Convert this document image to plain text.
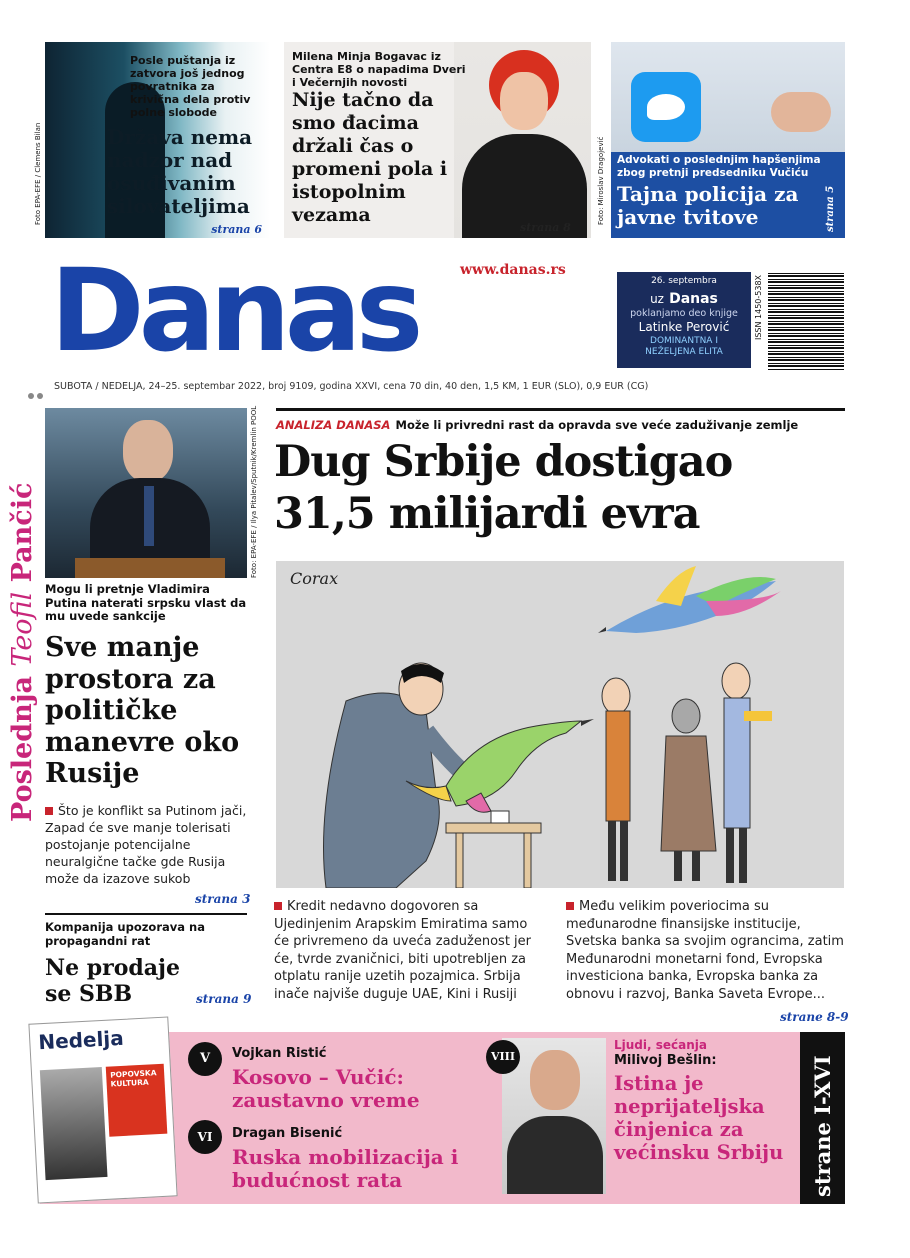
Posle puštanja iz zatvora još jednog povratnika za krivična dela protiv polne slobode
Država nema nadzor nad osuđivanim silovateljima
strana 6
Foto EPA-EFE / Clemens Bilan
Milena Minja Bogavac iz Centra E8 o napadima Dveri i Večernjih novosti
Nije tačno da smo đacima držali čas o promeni pola i istopolnim vezama
strana 8
Foto: Miroslav Dragojević Advokati o poslednjim hapšenjima zbog pretnji predsedniku Vučiću
Tajna policija za javne tvitove	strana 5
Danas	www.danas.rs
26. septembra
uz Danas
poklanjamo deo knjige
Latinke Perović
DOMINANTNA I NEŽELJENA ELITA
ISSN 1450-538X
SUBOTA / NEDELJA, 24–25. septembar 2022, broj 9109, godina XXVI, cena 70 din, 40 den, 1,5 KM, 1 EUR (SLO), 0,9 EUR (CG)
Poslednja Teofil Pančić	Foto: EPA-EFE / Ilya Pitalev/Sputnik/Kremlin POOL
Mogu li pretnje Vladimira Putina naterati srpsku vlast da mu uvede sankcije
Sve manje prostora za političke manevre oko Rusije
Što je konflikt sa Putinom jači, Zapad će sve manje tolerisati postojanje potencijalne neuralgične tačke gde Rusija može da izazove sukob
strana 3
Kompanija upozorava na propagandni rat
Ne prodaje se SBB	strana 9
ANALIZA DANASA Može li privredni rast da opravda sve veće zaduživanje zemlje
Dug Srbije dostigao 31,5 milijardi evra
Corax
Kredit nedavno dogovoren sa Ujedinjenim Arapskim Emiratima samo će privremeno da uveća zaduženost jer će, tvrde zvaničnici, biti upotrebljen za otplatu ranije uzetih pozajmica. Srbija inače najviše duguje UAE, Kini i Rusiji
Među velikim poveriocima su međunarodne finansijske institucije, Svetska banka sa svojim ograncima, zatim Međunarodni monetarni fond, Evropska investiciona banka, Evropska banka za obnovu i razvoj, Banka Saveta Evrope...
strane 8-9
Nedelja
POPOVSKA KULTURA
V	Vojkan Ristić
Kosovo – Vučić: zaustavno vreme
VI	Dragan Bisenić
Ruska mobilizacija i budućnost rata
VIII
Ljudi, sećanja
Milivoj Bešlin:
Istina je neprijateljska činjenica za većinsku Srbiju	strane I-XVI
